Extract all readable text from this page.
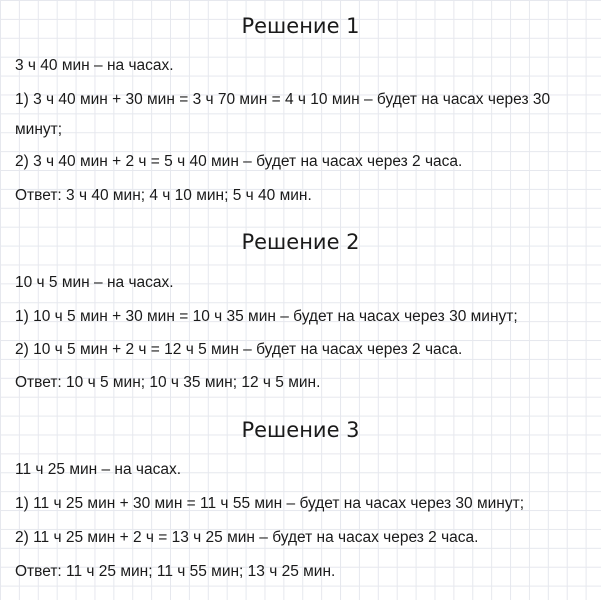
Решение 1
3 ч 40 мин – на часах.
1) 3 ч 40 мин + 30 мин = 3 ч 70 мин = 4 ч 10 мин – будет на часах через 30 минут;
2) 3 ч 40 мин + 2 ч = 5 ч 40 мин – будет на часах через 2 часа.
Ответ: 3 ч 40 мин; 4 ч 10 мин; 5 ч 40 мин.
Решение 2
10 ч 5 мин – на часах.
1) 10 ч 5 мин + 30 мин = 10 ч 35 мин – будет на часах через 30 минут;
2) 10 ч 5 мин + 2 ч = 12 ч 5 мин – будет на часах через 2 часа.
Ответ: 10 ч 5 мин; 10 ч 35 мин; 12 ч 5 мин.
Решение 3
11 ч 25 мин – на часах.
1) 11 ч 25 мин + 30 мин = 11 ч 55 мин – будет на часах через 30 минут;
2) 11 ч 25 мин + 2 ч = 13 ч 25 мин – будет на часах через 2 часа.
Ответ: 11 ч 25 мин; 11 ч 55 мин; 13 ч 25 мин.
